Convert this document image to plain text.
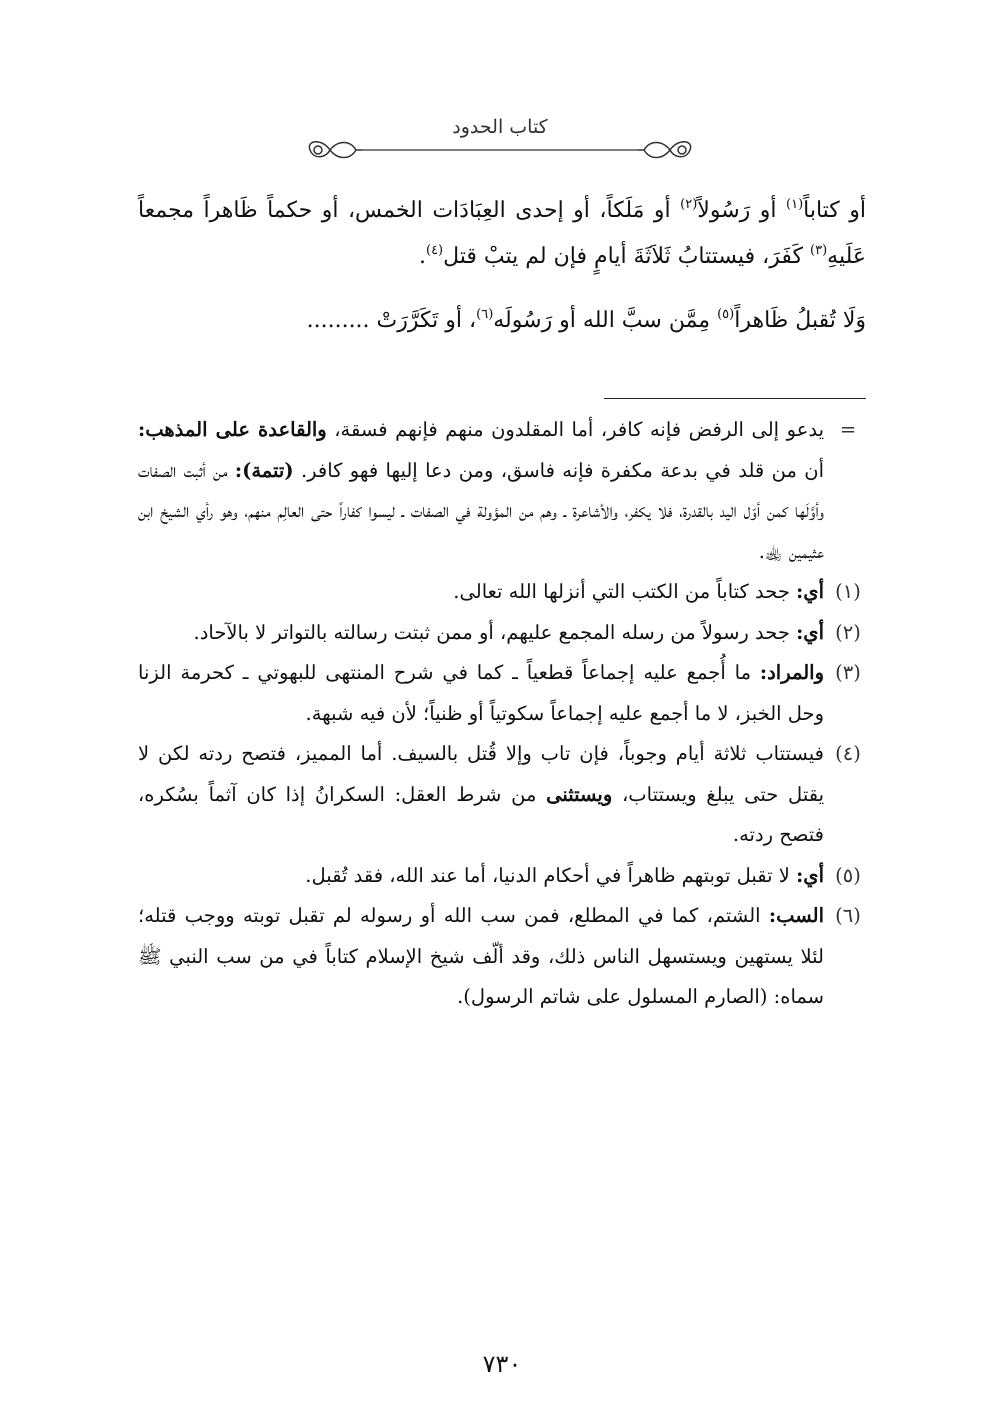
كتاب الحدود

أو كتاباً$^{(١)}$ أو رَسُولاً$^{(٢)}$ أو مَلَكاً، أو إحدى العِبَادَات الخمس، أو حكماً ظَاهراً مجمعاً عَلَيهِ$^{(٣)}$ كَفَرَ، فيستتابُ ثَلاَثَةَ أيامٍ فإن لم يتبْ قتل$^{(٤)}$.

وَلَا تُقبلُ ظَاهراً$^{(٥)}$ مِمَّن سبَّ الله أو رَسُولَه$^{(٦)}$، أو تَكَرَّرَتْ .........

=
يدعو إلى الرفض فإنه كافر، أما المقلدون منهم فإنهم فسقة، والقاعدة على المذهب: أن من قلد في بدعة مكفرة فإنه فاسق، ومن دعا إليها فهو كافر. (تتمة): من أثبت الصفات وأوَّلَها كمن أوّل اليد بالقدرة، فلا يكفر، والأشاعرة ـ وهم من المؤولة في الصفات ـ ليسوا كفاراً حتى العالِم منهم، وهو رأي الشيخ ابن عثيمين ﵀.
(١)
أي: جحد كتاباً من الكتب التي أنزلها الله تعالى.
(٢)
أي: جحد رسولاً من رسله المجمع عليهم، أو ممن ثبتت رسالته بالتواتر لا بالآحاد.
(٣)
والمراد: ما أُجمع عليه إجماعاً قطعياً ـ كما في شرح المنتهى للبهوتي ـ كحرمة الزنا وحل الخبز، لا ما أجمع عليه إجماعاً سكوتياً أو ظنياً؛ لأن فيه شبهة.
(٤)
فيستتاب ثلاثة أيام وجوباً، فإن تاب وإلا قُتل بالسيف. أما المميز، فتصح ردته لكن لا يقتل حتى يبلغ ويستتاب، ويستثنى من شرط العقل: السكرانُ إذا كان آثماً بسُكره، فتصح ردته.
(٥)
أي: لا تقبل توبتهم ظاهراً في أحكام الدنيا، أما عند الله، فقد تُقبل.
(٦)
السب: الشتم، كما في المطلع، فمن سب الله أو رسوله لم تقبل توبته ووجب قتله؛ لئلا يستهين ويستسهل الناس ذلك، وقد ألّف شيخ الإسلام كتاباً في من سب النبي ﷺ سماه: (الصارم المسلول على شاتم الرسول).
٧٣٠
